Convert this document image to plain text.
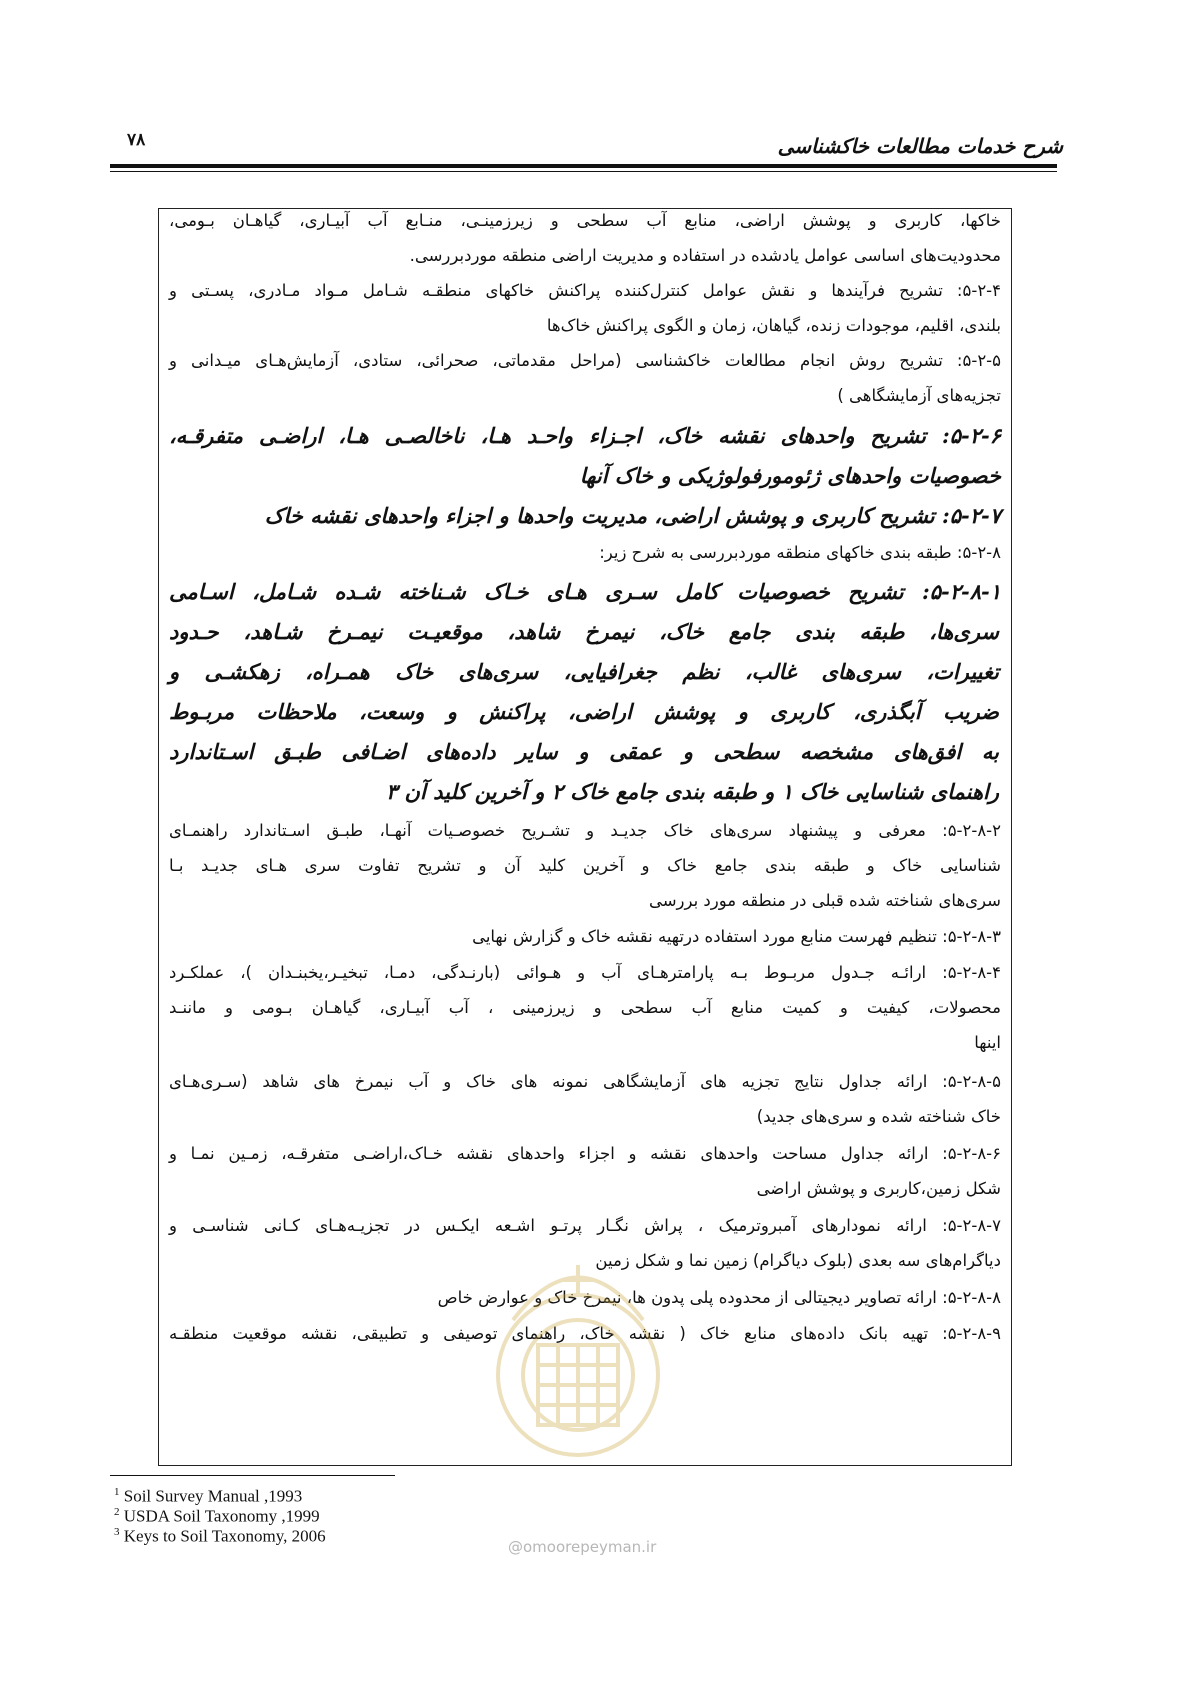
شرح خدمات مطالعات خاکشناسی
۷۸
خاکها، کاربری و پوشش اراضی، منابع آب سطحی و زیرزمینـی، منـابع آب آبیـاری، گیاهـان بـومی،
محدودیت‌های اساسی عوامل یادشده در استفاده و مدیریت اراضی منطقه موردبررسی.
۵-۲-۴: تشریح فرآیندها و نقش عوامل کنترل‌کننده پراکنش خاکهای منطقـه شـامل مـواد مـادری، پسـتی و
بلندی، اقلیم، موجودات زنده، گیاهان، زمان و الگوی پراکنش خاک‌ها
۵-۲-۵: تشریح روش انجام مطالعات خاکشناسی (مراحل مقدماتی، صحرائی، ستادی، آزمایش‌هـای میـدانی و
تجزیه‌های آزمایشگاهی )
۵-۲-۶: تشریح واحدهای نقشه خاک، اجـزاء واحـد هـا، ناخالصـی هـا، اراضـی متفرقـه،
خصوصیات واحدهای ژئومورفولوژیکی و خاک آنها
۵-۲-۷: تشریح کاربری و پوشش اراضی، مدیریت واحدها و اجزاء واحدهای نقشه خاک
۵-۲-۸: طبقه بندی خاکهای منطقه موردبررسی به شرح زیر:
۵-۲-۸-۱: تشریح خصوصیات کامل سـری هـای خـاک شـناخته شـده شـامل، اسـامی
سری‌ها، طبقه بندی جامع خاک، نیمرخ شاهد، موقعیـت نیمـرخ شـاهد، حـدود
تغییرات، سری‌های غالب، نظم جغرافیایی، سری‌های خاک همـراه، زهکشـی و
ضریب آبگذری، کاربری و پوشش اراضی، پراکنش و وسعت، ملاحظات مربـوط
به افق‌های مشخصه سطحی و عمقی و سایر داده‌های اضـافی طبـق اسـتاندارد
راهنمای شناسایی خاک ۱ و طبقه بندی جامع خاک ۲ و آخرین کلید آن ۳
۵-۲-۸-۲: معرفی و پیشنهاد سری‌های خاک جدیـد و تشـریح خصوصـیات آنهـا، طبـق اسـتاندارد راهنمـای
شناسایی خاک و طبقه بندی جامع خاک و آخرین کلید آن و تشریح تفاوت سری هـای جدیـد بـا
سری‌های شناخته شده قبلی در منطقه مورد بررسی
۵-۲-۸-۳: تنظیم فهرست منابع مورد استفاده درتهیه نقشه خاک و گزارش نهایی
۵-۲-۸-۴: ارائـه جـدول مربـوط بـه پارامترهـای آب و هـوائی (بارنـدگی، دمـا، تبخیـر،یخبنـدان )، عملکـرد
محصولات، کیفیت و کمیت منابع آب سطحی و زیرزمینی ، آب آبیـاری، گیاهـان بـومی و ماننـد
اینها
۵-۲-۸-۵: ارائه جداول نتایج تجزیه های آزمایشگاهی نمونه های خاک و آب نیمرخ های شاهد (سـری‌هـای
خاک شناخته شده و سری‌های جدید)
۵-۲-۸-۶: ارائه جداول مساحت واحدهای نقشه و اجزاء واحدهای نقشه خـاک،اراضـی متفرقـه، زمـین نمـا و
شکل زمین،کاربری و پوشش اراضی
۵-۲-۸-۷: ارائه نمودارهای آمبروترمیک ، پراش نگـار پرتـو اشـعه ایکـس در تجزیـه‌هـای کـانی شناسـی و
دیاگرام‌های سه بعدی (بلوک دیاگرام) زمین نما و شکل زمین
۵-۲-۸-۸: ارائه تصاویر دیجیتالی از محدوده پلی پدون ها، نیمرخ خاک و عوارض خاص
۵-۲-۸-۹: تهیه بانک داده‌های منابع خاک ( نقشه خاک، راهنمای توصیفی و تطبیقی، نقشه موقعیت منطقـه
$^1$ Soil Survey Manual ,1993
$^2$ USDA Soil Taxonomy ,1999
$^3$ Keys to Soil Taxonomy, 2006
@omoorepeyman.ir
